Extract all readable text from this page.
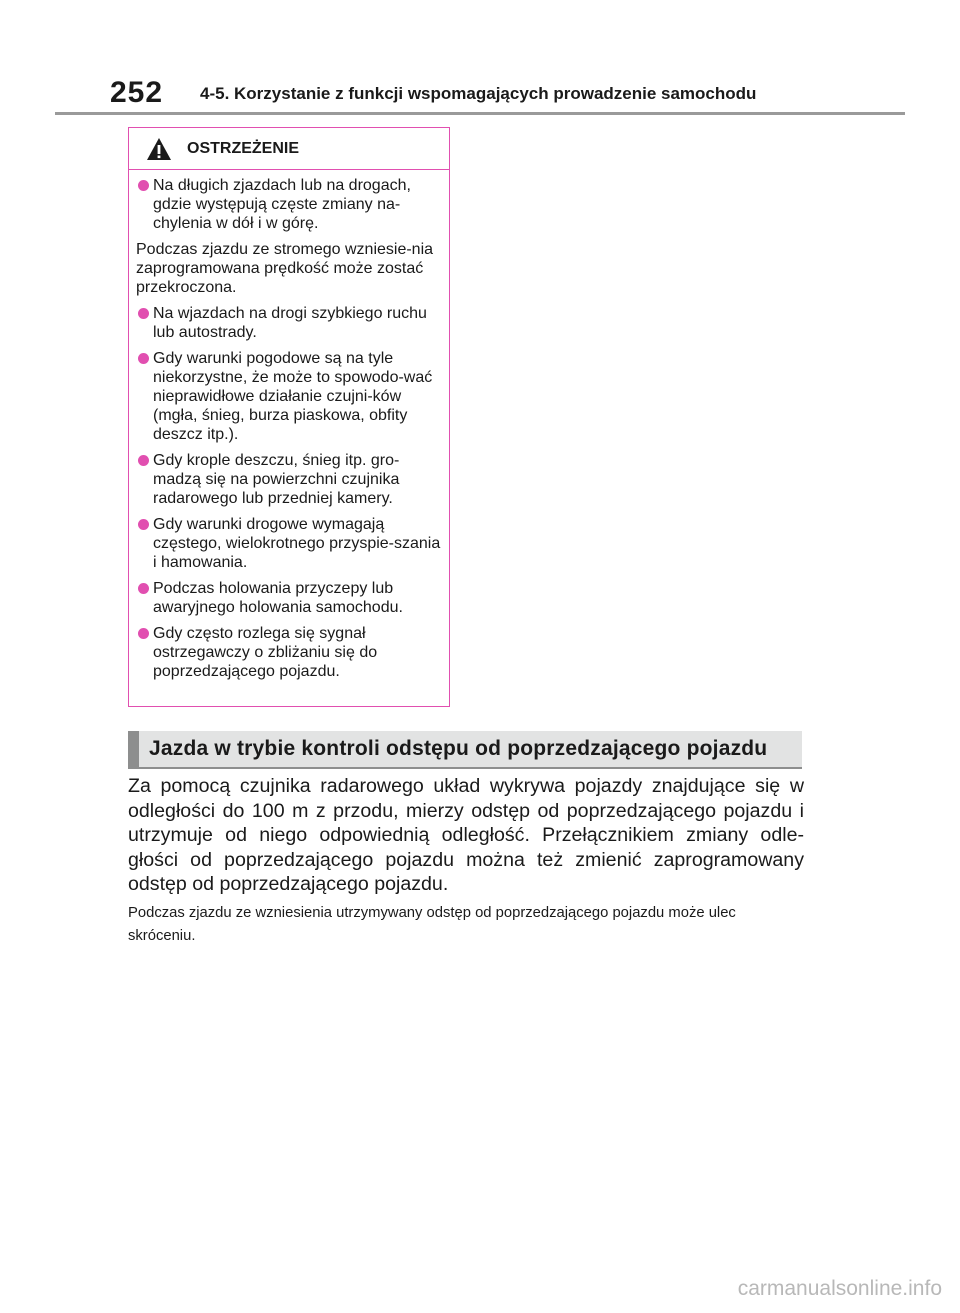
252 4-5. Korzystanie z funkcji wspomagających prowadzenie samochodu
OSTRZEŻENIE
Na długich zjazdach lub na drogach, gdzie występują częste zmiany na-chylenia w dół i w górę.
Podczas zjazdu ze stromego wzniesie-nia zaprogramowana prędkość może zostać przekroczona.
Na wjazdach na drogi szybkiego ruchu lub autostrady.
Gdy warunki pogodowe są na tyle niekorzystne, że może to spowodo-wać nieprawidłowe działanie czujni-ków (mgła, śnieg, burza piaskowa, obfity deszcz itp.).
Gdy krople deszczu, śnieg itp. gro-madzą się na powierzchni czujnika radarowego lub przedniej kamery.
Gdy warunki drogowe wymagają częstego, wielokrotnego przyspie-szania i hamowania.
Podczas holowania przyczepy lub awaryjnego holowania samochodu.
Gdy często rozlega się sygnał ostrzegawczy o zbliżaniu się do poprzedzającego pojazdu.
Jazda w trybie kontroli odstępu od poprzedzającego pojazdu
Za pomocą czujnika radarowego układ wykrywa pojazdy znajdujące się w odległości do 100 m z przodu, mierzy odstęp od poprzedzającego pojazdu i utrzymuje od niego odpowiednią odległość. Przełącznikiem zmiany odle-głości od poprzedzającego pojazdu można też zmienić zaprogramowany odstęp od poprzedzającego pojazdu.
Podczas zjazdu ze wzniesienia utrzymywany odstęp od poprzedzającego pojazdu może ulec skróceniu.
carmanualsonline.info
